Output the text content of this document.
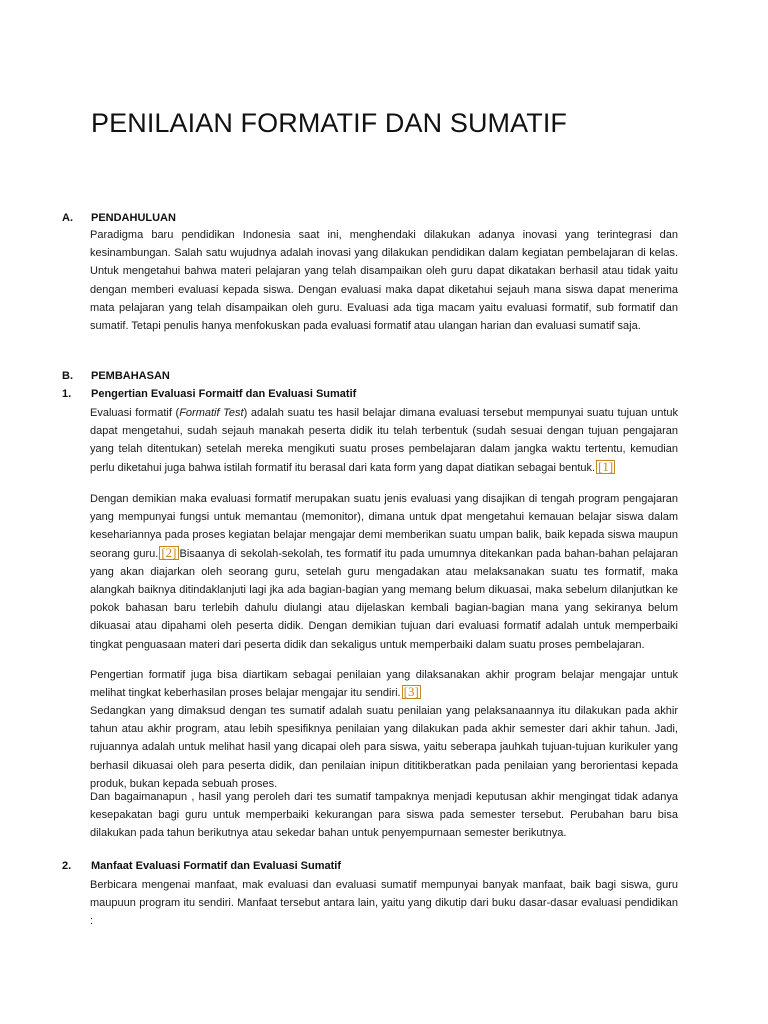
PENILAIAN FORMATIF DAN SUMATIF
A. PENDAHULUAN

Paradigma baru pendidikan Indonesia saat ini, menghendaki dilakukan adanya inovasi yang terintegrasi dan kesinambungan. Salah satu wujudnya adalah inovasi yang dilakukan pendidikan dalam kegiatan pembelajaran di kelas. Untuk mengetahui bahwa materi pelajaran yang telah disampaikan oleh guru dapat dikatakan berhasil atau tidak yaitu dengan memberi evaluasi kepada siswa. Dengan evaluasi maka dapat diketahui sejauh mana siswa dapat menerima mata pelajaran yang telah disampaikan oleh guru. Evaluasi ada tiga macam yaitu evaluasi formatif, sub formatif dan sumatif. Tetapi penulis hanya menfokuskan pada evaluasi formatif atau ulangan harian dan evaluasi sumatif saja.

B. PEMBAHASAN
1. Pengertian Evaluasi Formaitf dan Evaluasi Sumatif

Evaluasi formatif (Formatif Test) adalah suatu tes hasil belajar dimana evaluasi tersebut mempunyai suatu tujuan untuk dapat mengetahui, sudah sejauh manakah peserta didik itu telah terbentuk (sudah sesuai dengan tujuan pengajaran yang telah ditentukan) setelah mereka mengikuti suatu proses pembelajaran dalam jangka waktu tertentu, kemudian perlu diketahui juga bahwa istilah formatif itu berasal dari kata form yang dapat diatikan sebagai bentuk. [1]

Dengan demikian maka evaluasi formatif merupakan suatu jenis evaluasi yang disajikan di tengah program pengajaran yang mempunyai fungsi untuk memantau (memonitor), dimana untuk dpat mengetahui kemauan belajar siswa dalam kesehariannya pada proses kegiatan belajar mengajar demi memberikan suatu umpan balik, baik kepada siswa maupun seorang guru. [2] Bisaanya di sekolah-sekolah, tes formatif itu pada umumnya ditekankan pada bahan-bahan pelajaran yang akan diajarkan oleh seorang guru, setelah guru mengadakan atau melaksanakan suatu tes formatif, maka alangkah baiknya ditindaklanjuti lagi jka ada bagian-bagian yang memang belum dikuasai, maka sebelum dilanjutkan ke pokok bahasan baru terlebih dahulu diulangi atau dijelaskan kembali bagian-bagian mana yang sekiranya belum dikuasai atau dipahami oleh peserta didik. Dengan demikian tujuan dari evaluasi formatif adalah untuk memperbaiki tingkat penguasaan materi dari peserta didik dan sekaligus untuk memperbaiki dalam suatu proses pembelajaran.

Pengertian formatif juga bisa diartikam sebagai penilaian yang dilaksanakan akhir program belajar mengajar untuk melihat tingkat keberhasilan proses belajar mengajar itu sendiri. [3]

Sedangkan yang dimaksud dengan tes sumatif adalah suatu penilaian yang pelaksanaannya itu dilakukan pada akhir tahun atau akhir program, atau lebih spesifiknya penilaian yang dilakukan pada akhir semester dari akhir tahun. Jadi, rujuannya adalah untuk melihat hasil yang dicapai oleh para siswa, yaitu seberapa jauhkah tujuan-tujuan kurikuler yang berhasil dikuasai oleh para peserta didik, dan penilaian inipun dititikberatkan pada penilaian yang berorientasi kepada produk, bukan kepada sebuah proses.

Dan bagaimanapun , hasil yang peroleh dari tes sumatif tampaknya menjadi keputusan akhir mengingat tidak adanya kesepakatan bagi guru untuk memperbaiki kekurangan para siswa pada semester tersebut. Perubahan baru bisa dilakukan pada tahun berikutnya atau sekedar bahan untuk penyempurnaan semester berikutnya.

2. Manfaat Evaluasi Formatif dan Evaluasi Sumatif

Berbicara mengenai manfaat, mak evaluasi dan evaluasi sumatif mempunyai banyak manfaat, baik bagi siswa, guru maupuun program itu sendiri. Manfaat tersebut antara lain, yaitu yang dikutip dari buku dasar-dasar evaluasi pendidikan :
